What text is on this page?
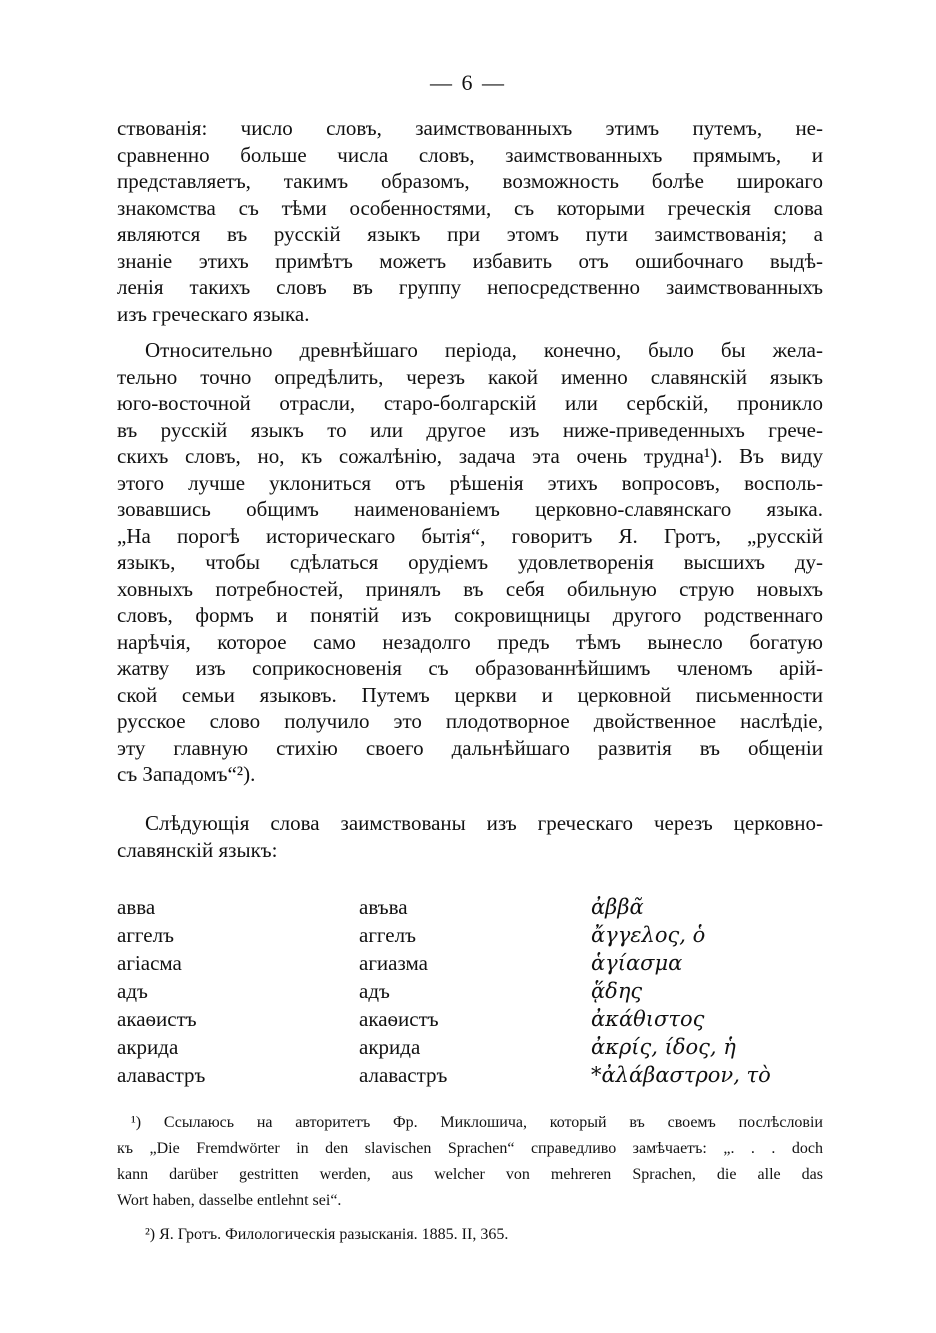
— 6 —
ствованія: число словъ, заимствованныхъ этимъ путемъ, не-
сравненно больше числа словъ, заимствованныхъ прямымъ, и
представляетъ, такимъ образомъ, возможность болѣе широкаго
знакомства съ тѣми особенностями, съ которыми греческія слова
являются въ русскій языкъ при этомъ пути заимствованія; а
знаніе этихъ примѣтъ можетъ избавить отъ ошибочнаго выдѣ-
ленія такихъ словъ въ группу непосредственно заимствованныхъ
изъ греческаго языка.
Относительно древнѣйшаго періода, конечно, было бы жела-
тельно точно опредѣлить, черезъ какой именно славянскій языкъ
юго-восточной отрасли, старо-болгарскій или сербскій, проникло
въ русскій языкъ то или другое изъ ниже-приведенныхъ грече-
скихъ словъ, но, къ сожалѣнію, задача эта очень трудна¹). Въ виду
этого лучше уклониться отъ рѣшенія этихъ вопросовъ, воспoль-
зовавшись общимъ наименованіемъ церковно-славянскаго языка.
„На порогѣ историческаго бытія“, говоритъ Я. Гротъ, „русскій
языкъ, чтобы сдѣлаться орудіемъ удовлетворенія высшихъ ду-
ховныхъ потребностей, принялъ въ себя обильную струю новыхъ
словъ, формъ и понятій изъ сокровищницы другого родственнаго
нарѣчія, которое само незадолго предъ тѣмъ вынесло богатую
жатву изъ соприкосновенія съ образованнѣйшимъ членомъ арій-
ской семьи языковъ. Путемъ церкви и церковной письменности
русское слово получило это плодотворное двойственное наслѣдіе,
эту главную стихію своего дальнѣйшаго развитія въ общеніи
съ Западомъ“²).
Слѣдующія слова заимствованы изъ греческаго черезъ церковно-
славянскій языкъ:
авва	авъва	ἀββᾶ
аггелъ	аггелъ	ἄγγελος, ὁ
агіасма	агиазма	ἁγίασμα
адъ	адъ	ᾅδης
акаѳистъ	акаѳистъ	ἀκάθιστος
акрида	акрида	ἀκρίς, ίδος, ἡ
алавастръ	алавастръ	*ἀλάβαστρον, τὸ
¹) Ссылаюсь на авторитетъ Фр. Миклошича, который въ своемъ послѣсловіи
къ „Die Fremdwörter in den slavischen Sprachen“ справедливо замѣчаетъ: „. . . doch
kann darüber gestritten werden, aus welcher von mehreren Sprachen, die alle das
Wort haben, dasselbe entlehnt sei“.
²) Я. Гротъ. Филологическія разысканія. 1885. II, 365.
